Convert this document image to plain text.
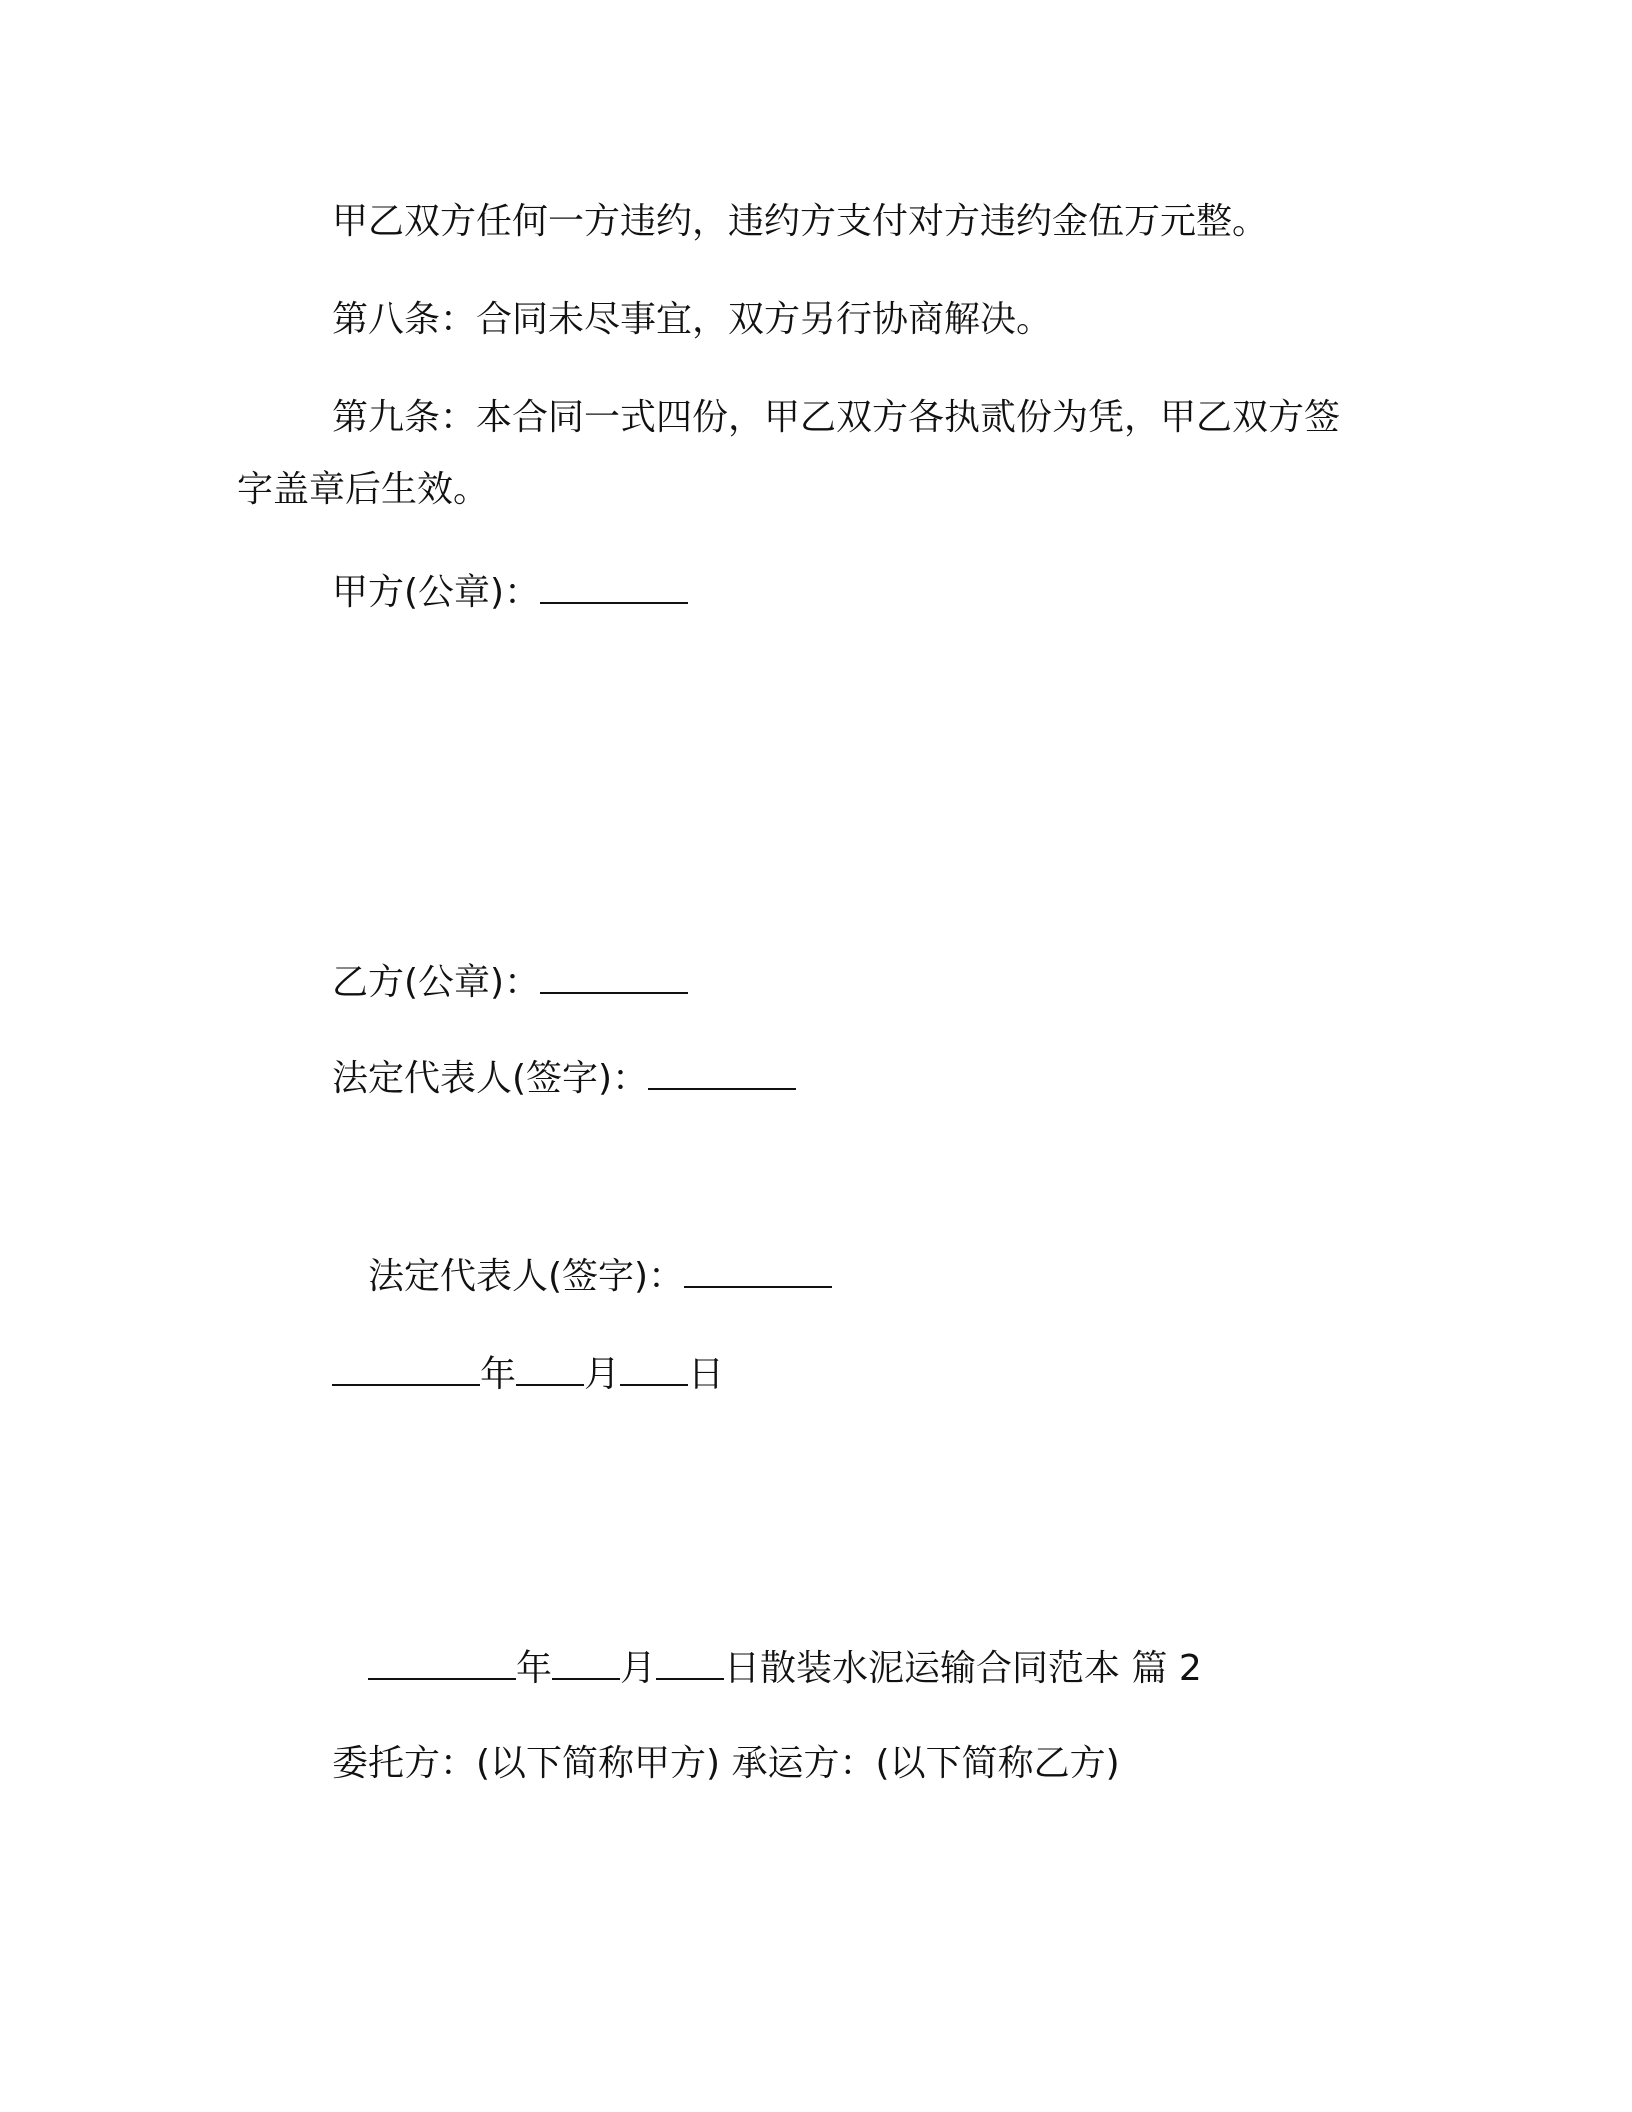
甲乙双方任何一方违约，违约方支付对方违约金伍万元整。
第八条：合同未尽事宜，双方另行协商解决。
第九条：本合同一式四份，甲乙双方各执贰份为凭，甲乙双方签
字盖章后生效。
甲方(公章)：
乙方(公章)：
法定代表人(签字)：
法定代表人(签字)：
年 月 日
年 月 日散装水泥运输合同范本 篇 2
委托方：(以下简称甲方) 承运方：(以下简称乙方)
